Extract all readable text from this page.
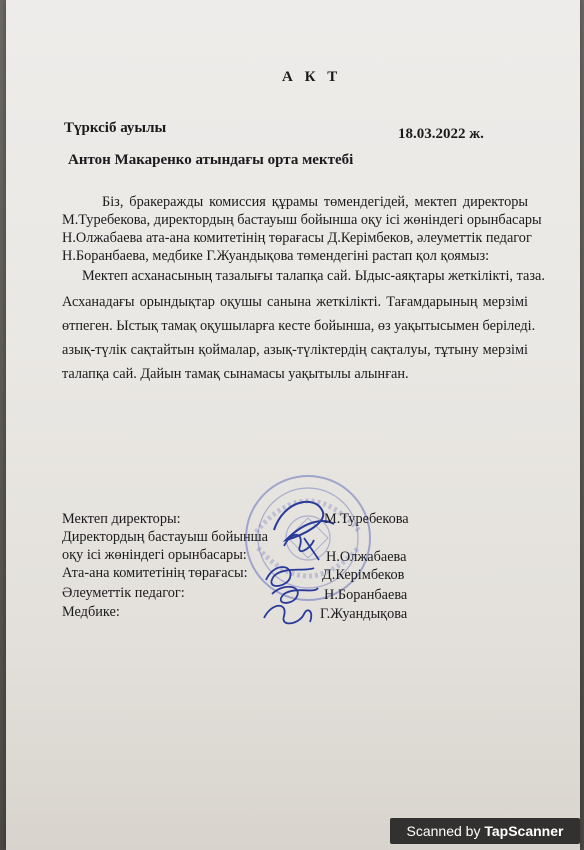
А К Т
Түрксіб ауылы	18.03.2022 ж.
Антон Макаренко атындағы орта мектебі
Біз, бракеражды комиссия құрамы төмендегідей, мектеп директоры
М.Туребекова, директордың бастауыш бойынша оқу ісі жөніндегі орынбасары
Н.Олжабаева ата-ана комитетінің төрағасы Д.Керімбеков, әлеуметтік педагог
Н.Боранбаева, медбике Г.Жуандықова төмендегіні растап қол қоямыз:
Мектеп асханасының тазалығы талапқа сай. Ыдыс-аяқтары жеткілікті, таза.
Асханадағы орындықтар оқушы санына жеткілікті. Тағамдарының мерзімі
өтпеген. Ыстық тамақ оқушыларға кесте бойынша, өз уақытысымен беріледі.
азық-түлік сақтайтын қоймалар, азық-түліктердің сақталуы, тұтыну мерзімі
талапқа сай. Дайын тамақ сынамасы уақытылы алынған.
Мектеп директоры:	М.Туребекова
Директордың бастауыш бойынша
оқу ісі жөніндегі орынбасары:	Н.Олжабаева
Ата-ана комитетінің төрағасы:	Д.Керімбеков
Әлеуметтік педагог:	Н.Боранбаева
Медбике:	Г.Жуандықова
Scanned by TapScanner
